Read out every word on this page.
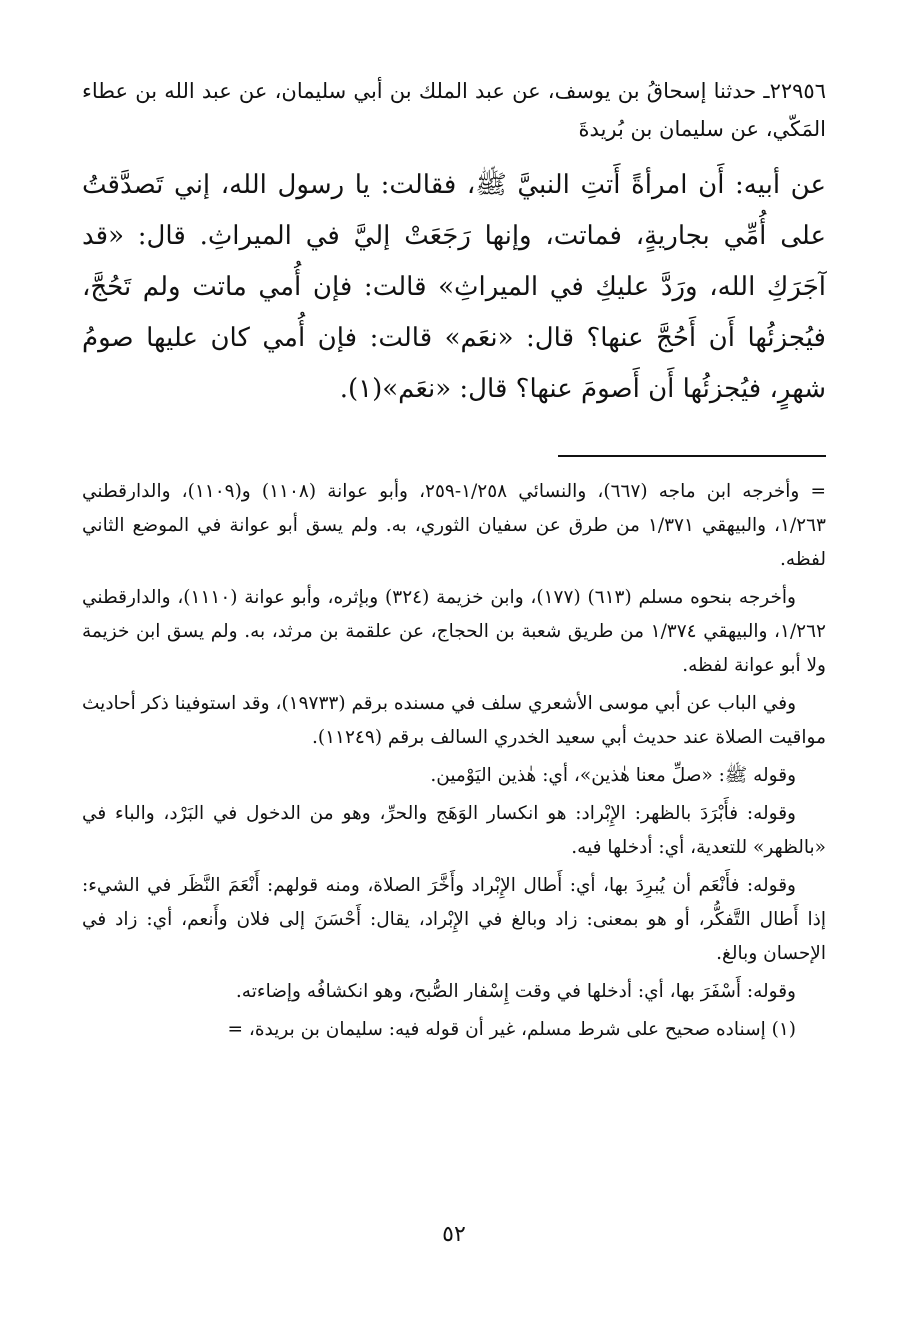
٢٢٩٥٦ـ حدثنا إسحاقُ بن يوسف، عن عبد الملك بن أبي سليمان، عن عبد الله بن عطاء المَكّي، عن سليمان بن بُريدةَ

عن أبيه: أَن امرأةً أَتتِ النبيَّ ﷺ، فقالت: يا رسول الله، إني تَصدَّقتُ على أُمِّي بجاريةٍ، فماتت، وإنها رَجَعَتْ إليَّ في الميراثِ. قال: «قد آجَرَكِ الله، ورَدَّ عليكِ في الميراثِ» قالت: فإن أُمي ماتت ولم تَحُجَّ، فيُجزئُها أَن أَحُجَّ عنها؟ قال: «نعَم» قالت: فإن أُمي كان عليها صومُ شهرٍ، فيُجزئُها أَن أَصومَ عنها؟ قال: «نعَم»(١).

= وأخرجه ابن ماجه (٦٦٧)، والنسائي ١/٢٥٨-٢٥٩، وأبو عوانة (١١٠٨) و(١١٠٩)، والدارقطني ١/٢٦٣، والبيهقي ١/٣٧١ من طرق عن سفيان الثوري، به. ولم يسق أبو عوانة في الموضع الثاني لفظه.

وأخرجه بنحوه مسلم (٦١٣) (١٧٧)، وابن خزيمة (٣٢٤) وبإثره، وأبو عوانة (١١١٠)، والدارقطني ١/٢٦٢، والبيهقي ١/٣٧٤ من طريق شعبة بن الحجاج، عن علقمة بن مرثد، به. ولم يسق ابن خزيمة ولا أبو عوانة لفظه.

وفي الباب عن أبي موسى الأشعري سلف في مسنده برقم (١٩٧٣٣)، وقد استوفينا ذكر أحاديث مواقيت الصلاة عند حديث أبي سعيد الخدري السالف برقم (١١٢٤٩).

وقوله ﷺ: «صلِّ معنا هٰذين»، أي: هٰذين اليَوْمين.

وقوله: فأَبْرَدَ بالظهر: الإِبْراد: هو انكسار الوَهَج والحرِّ، وهو من الدخول في البَرْد، والباء في «بالظهر» للتعدية، أي: أدخلها فيه.

وقوله: فأَنْعَم أن يُبرِدَ بها، أي: أَطال الإِبْراد وأَخَّرَ الصلاة، ومنه قولهم: أَنْعَمَ النَّظَر في الشيء: إذا أَطال التَّفكُّر، أو هو بمعنى: زاد وبالغ في الإِبْراد، يقال: أَحْسَنَ إلى فلان وأَنعم، أي: زاد في الإحسان وبالغ.

وقوله: أَسْفَرَ بها، أي: أدخلها في وقت إِسْفار الصُّبح، وهو انكشافُه وإضاءته.

(١) إسناده صحيح على شرط مسلم، غير أن قوله فيه: سليمان بن بريدة، =

٥٢
